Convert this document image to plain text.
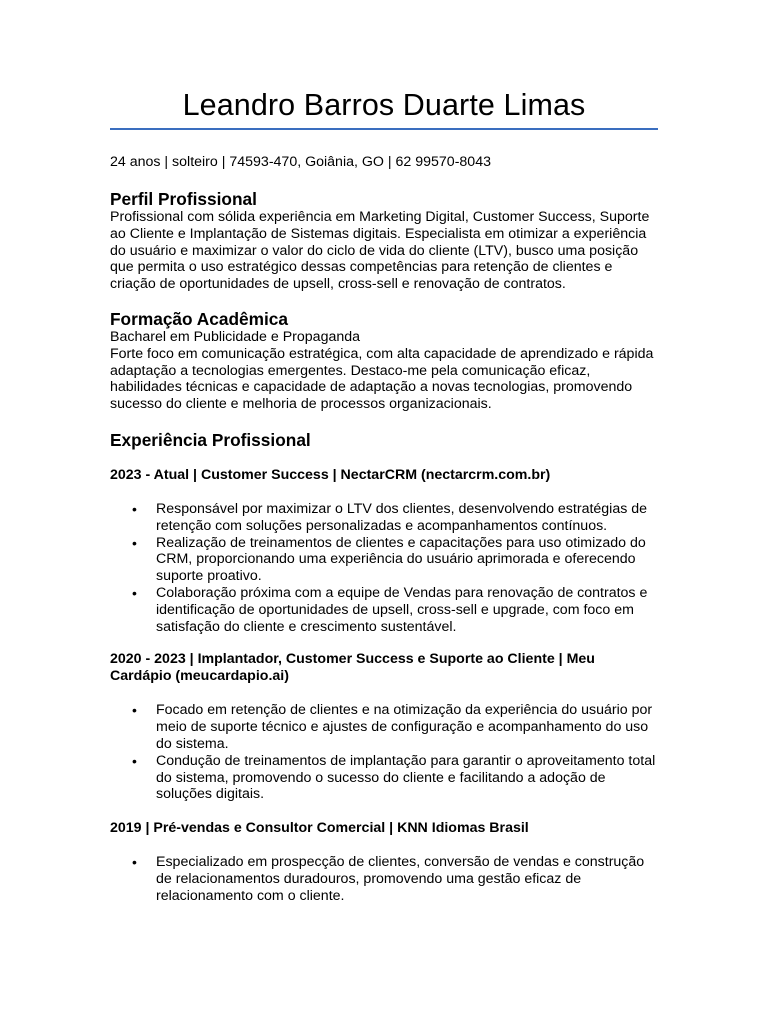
Leandro Barros Duarte Limas
24 anos | solteiro | 74593-470, Goiânia, GO | 62 99570-8043
Perfil Profissional

Profissional com sólida experiência em Marketing Digital, Customer Success, Suporte ao Cliente e Implantação de Sistemas digitais. Especialista em otimizar a experiência do usuário e maximizar o valor do ciclo de vida do cliente (LTV), busco uma posição que permita o uso estratégico dessas competências para retenção de clientes e criação de oportunidades de upsell, cross-sell e renovação de contratos.

Formação Acadêmica

Bacharel em Publicidade e Propaganda

Forte foco em comunicação estratégica, com alta capacidade de aprendizado e rápida adaptação a tecnologias emergentes. Destaco-me pela comunicação eficaz, habilidades técnicas e capacidade de adaptação a novas tecnologias, promovendo sucesso do cliente e melhoria de processos organizacionais.

Experiência Profissional

2023 - Atual | Customer Success | NectarCRM (nectarcrm.com.br)

• Responsável por maximizar o LTV dos clientes, desenvolvendo estratégias de retenção com soluções personalizadas e acompanhamentos contínuos.
• Realização de treinamentos de clientes e capacitações para uso otimizado do CRM, proporcionando uma experiência do usuário aprimorada e oferecendo suporte proativo.
• Colaboração próxima com a equipe de Vendas para renovação de contratos e identificação de oportunidades de upsell, cross-sell e upgrade, com foco em satisfação do cliente e crescimento sustentável.

2020 - 2023 | Implantador, Customer Success e Suporte ao Cliente | Meu Cardápio (meucardapio.ai)

• Focado em retenção de clientes e na otimização da experiência do usuário por meio de suporte técnico e ajustes de configuração e acompanhamento do uso do sistema.
• Condução de treinamentos de implantação para garantir o aproveitamento total do sistema, promovendo o sucesso do cliente e facilitando a adoção de soluções digitais.

2019 | Pré-vendas e Consultor Comercial | KNN Idiomas Brasil

• Especializado em prospecção de clientes, conversão de vendas e construção de relacionamentos duradouros, promovendo uma gestão eficaz de relacionamento com o cliente.
